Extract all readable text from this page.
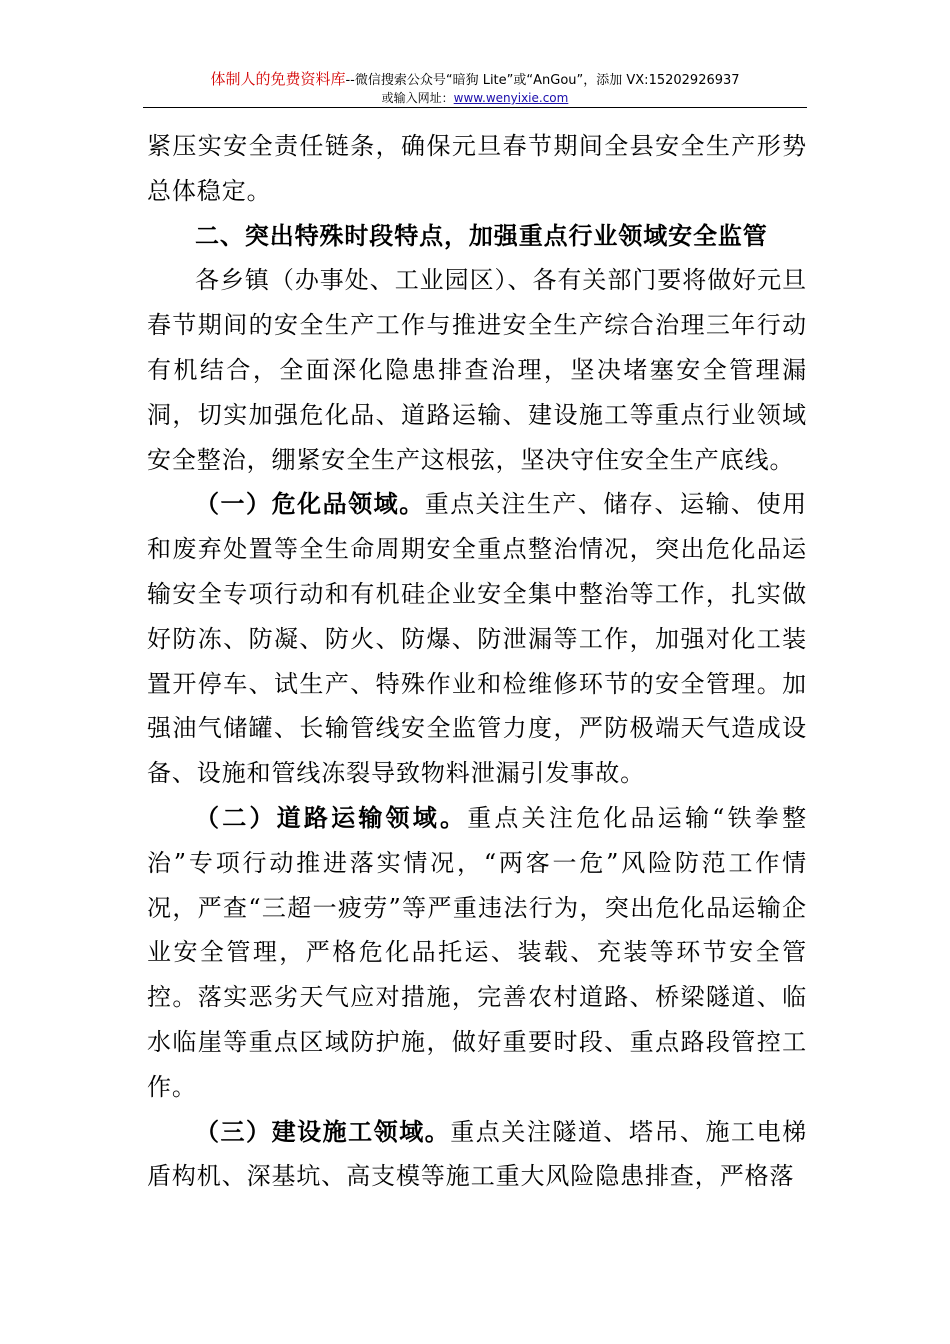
体制人的免费资料库--微信搜索公众号“暗狗 Lite”或“AnGou”，添加 VX:15202926937
或输入网址：www.wenyixie.com

紧压实安全责任链条，确保元旦春节期间全县安全生产形势总体稳定。

二、突出特殊时段特点，加强重点行业领域安全监管

各乡镇（办事处、工业园区）、各有关部门要将做好元旦春节期间的安全生产工作与推进安全生产综合治理三年行动有机结合，全面深化隐患排查治理，坚决堵塞安全管理漏洞，切实加强危化品、道路运输、建设施工等重点行业领域安全整治，绷紧安全生产这根弦，坚决守住安全生产底线。

（一）危化品领域。重点关注生产、储存、运输、使用和废弃处置等全生命周期安全重点整治情况，突出危化品运输安全专项行动和有机硅企业安全集中整治等工作，扎实做好防冻、防凝、防火、防爆、防泄漏等工作，加强对化工装置开停车、试生产、特殊作业和检维修环节的安全管理。加强油气储罐、长输管线安全监管力度，严防极端天气造成设备、设施和管线冻裂导致物料泄漏引发事故。

（二）道路运输领域。重点关注危化品运输“铁拳整治”专项行动推进落实情况，“两客一危”风险防范工作情况，严查“三超一疲劳”等严重违法行为，突出危化品运输企业安全管理，严格危化品托运、装载、充装等环节安全管控。落实恶劣天气应对措施，完善农村道路、桥梁隧道、临水临崖等重点区域防护施，做好重要时段、重点路段管控工作。

（三）建设施工领域。重点关注隧道、塔吊、施工电梯盾构机、深基坑、高支模等施工重大风险隐患排查，严格落
